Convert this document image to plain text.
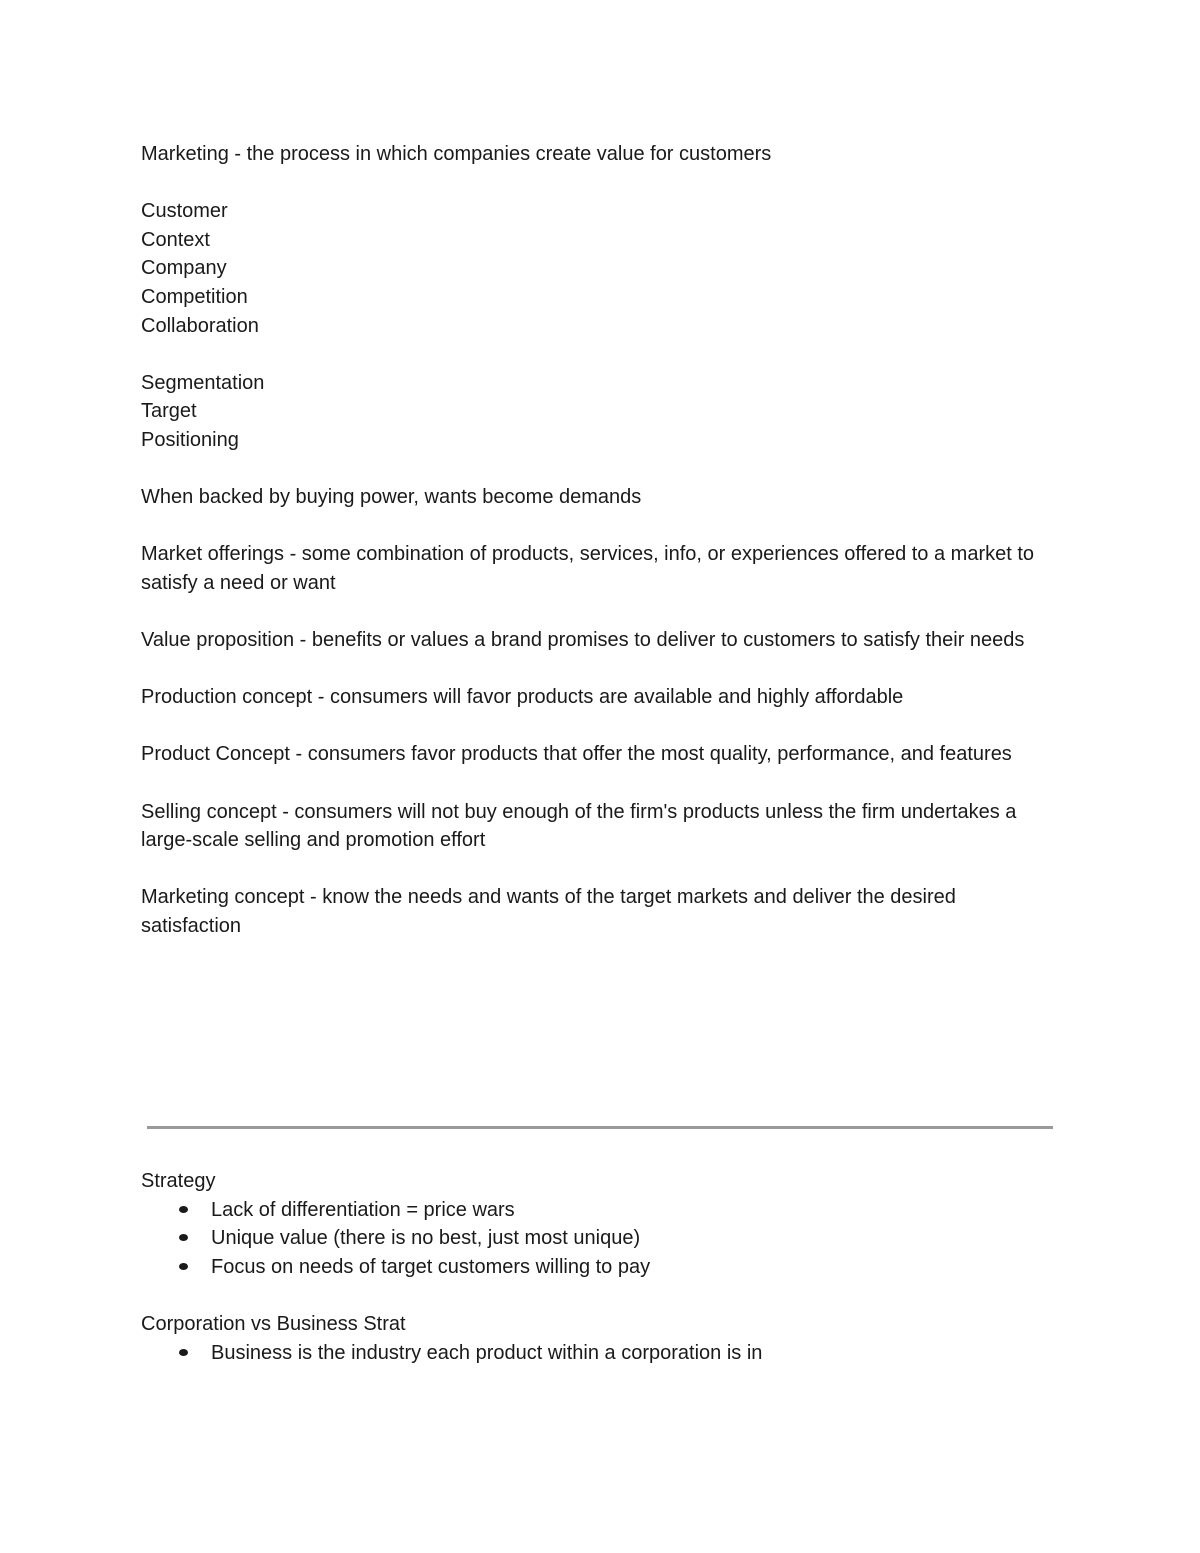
Marketing - the process in which companies create value for customers
Customer
Context
Company
Competition
Collaboration
Segmentation
Target
Positioning
When backed by buying power, wants become demands
Market offerings - some combination of products, services, info, or experiences offered to a market to satisfy a need or want
Value proposition - benefits or values a brand promises to deliver to customers to satisfy their needs
Production concept - consumers will favor products are available and highly affordable
Product Concept - consumers favor products that offer the most quality, performance, and features
Selling concept - consumers will not buy enough of the firm's products unless the firm undertakes a large-scale selling and promotion effort
Marketing concept - know the needs and wants of the target markets and deliver the desired satisfaction
Strategy
Lack of differentiation = price wars
Unique value (there is no best, just most unique)
Focus on needs of target customers willing to pay
Corporation vs Business Strat
Business is the industry each product within a corporation is in
